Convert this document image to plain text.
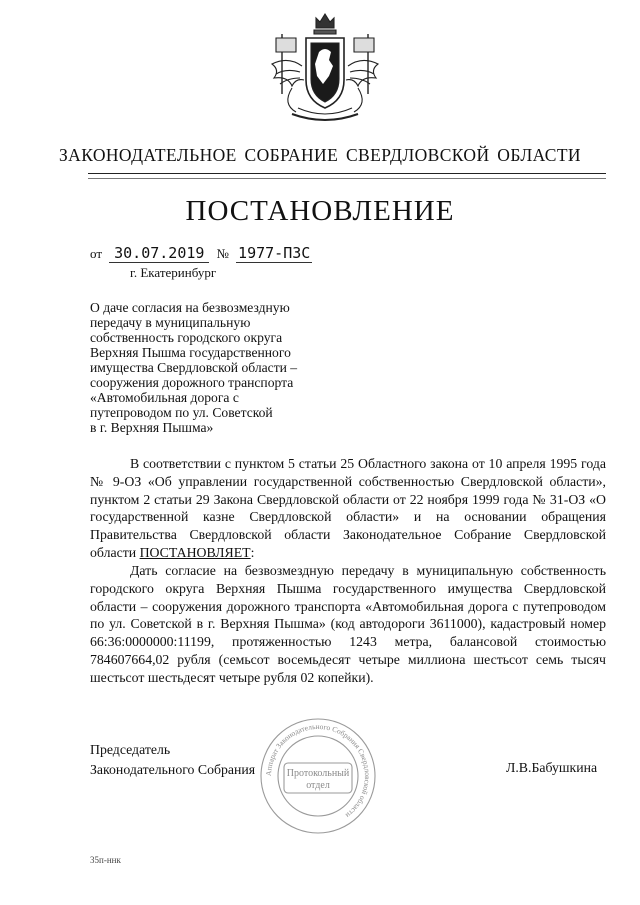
ЗАКОНОДАТЕЛЬНОЕ СОБРАНИЕ СВЕРДЛОВСКОЙ ОБЛАСТИ
ПОСТАНОВЛЕНИЕ
от 30.07.2019 № 1977-ПЗС
г. Екатеринбург
О даче согласия на безвозмездную
передачу в муниципальную
собственность городского округа
Верхняя Пышма государственного
имущества Свердловской области –
сооружения дорожного транспорта
«Автомобильная дорога с
путепроводом по ул. Советской
в г. Верхняя Пышма»
В соответствии с пунктом 5 статьи 25 Областного закона от 10 апреля 1995 года № 9-ОЗ «Об управлении государственной собственностью Свердловской области», пунктом 2 статьи 29 Закона Свердловской области от 22 ноября 1999 года № 31-ОЗ «О государственной казне Свердловской области» и на основании обращения Правительства Свердловской области Законодательное Собрание Свердловской области ПОСТАНОВЛЯЕТ:
Дать согласие на безвозмездную передачу в муниципальную собственность городского округа Верхняя Пышма государственного имущества Свердловской области – сооружения дорожного транспорта «Автомобильная дорога с путепроводом по ул. Советской в г. Верхняя Пышма» (код автодороги 3611000), кадастровый номер 66:36:0000000:11199, протяженностью 1243 метра, балансовой стоимостью 784607664,02 рубля (семьсот восемьдесят четыре миллиона шестьсот семь тысяч шестьсот шестьдесят четыре рубля 02 копейки).
Председатель
Законодательного Собрания	Л.В.Бабушкина
Аппарат Законодательного Собрания Свердловской области
Протокольный
отдел
35п-ннк
